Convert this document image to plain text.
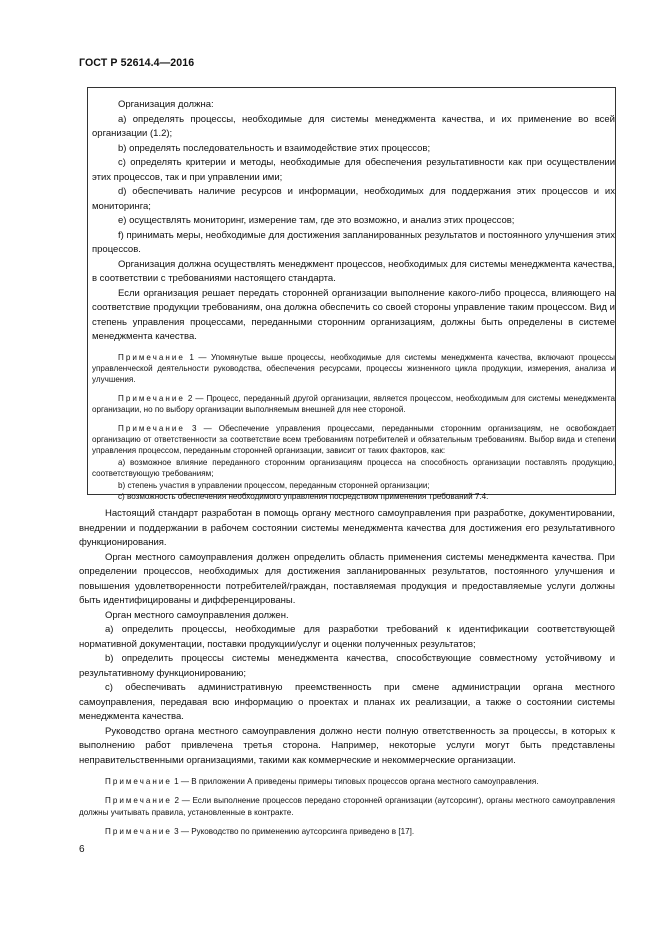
ГОСТ Р 52614.4—2016

Организация должна:

a) определять процессы, необходимые для системы менеджмента качества, и их применение во всей организации (1.2);

b) определять последовательность и взаимодействие этих процессов;

c) определять критерии и методы, необходимые для обеспечения результативности как при осуществлении этих процессов, так и при управлении ими;

d) обеспечивать наличие ресурсов и информации, необходимых для поддержания этих процессов и их мониторинга;

e) осуществлять мониторинг, измерение там, где это возможно, и анализ этих процессов;

f) принимать меры, необходимые для достижения запланированных результатов и постоянного улучшения этих процессов.

Организация должна осуществлять менеджмент процессов, необходимых для системы менеджмента качества, в соответствии с требованиями настоящего стандарта.

Если организация решает передать сторонней организации выполнение какого-либо процесса, влияющего на соответствие продукции требованиям, она должна обеспечить со своей стороны управление таким процессом. Вид и степень управления процессами, переданными сторонним организациям, должны быть определены в системе менеджмента качества.

Примечание 1 — Упомянутые выше процессы, необходимые для системы менеджмента качества, включают процессы управленческой деятельности руководства, обеспечения ресурсами, процессы жизненного цикла продукции, измерения, анализа и улучшения.

Примечание 2 — Процесс, переданный другой организации, является процессом, необходимым для системы менеджмента организации, но по выбору организации выполняемым внешней для нее стороной.

Примечание 3 — Обеспечение управления процессами, переданными сторонним организациям, не освобождает организацию от ответственности за соответствие всем требованиям потребителей и обязательным требованиям. Выбор вида и степени управления процессом, переданным сторонней организации, зависит от таких факторов, как:

a) возможное влияние переданного сторонним организациям процесса на способность организации поставлять продукцию, соответствующую требованиям;

b) степень участия в управлении процессом, переданным сторонней организации;

c) возможность обеспечения необходимого управления посредством применения требований 7.4.

Настоящий стандарт разработан в помощь органу местного самоуправления при разработке, документировании, внедрении и поддержании в рабочем состоянии системы менеджмента качества для достижения его результативного функционирования.

Орган местного самоуправления должен определить область применения системы менеджмента качества. При определении процессов, необходимых для достижения запланированных результатов, постоянного улучшения и повышения удовлетворенности потребителей/граждан, поставляемая продукция и предоставляемые услуги должны быть идентифицированы и дифференцированы.

Орган местного самоуправления должен.

a) определить процессы, необходимые для разработки требований к идентификации соответствующей нормативной документации, поставки продукции/услуг и оценки полученных результатов;

b) определить процессы системы менеджмента качества, способствующие совместному устойчивому и результативному функционированию;

c) обеспечивать административную преемственность при смене администрации органа местного самоуправления, передавая всю информацию о проектах и планах их реализации, а также о состоянии системы менеджмента качества.

Руководство органа местного самоуправления должно нести полную ответственность за процессы, в которых к выполнению работ привлечена третья сторона. Например, некоторые услуги могут быть представлены неправительственными организациями, такими как коммерческие и некоммерческие организации.

Примечание 1 — В приложении А приведены примеры типовых процессов органа местного самоуправления.

Примечание 2 — Если выполнение процессов передано сторонней организации (аутсорсинг), органы местного самоуправления должны учитывать правила, установленные в контракте.

Примечание 3 — Руководство по применению аутсорсинга приведено в [17].

6
